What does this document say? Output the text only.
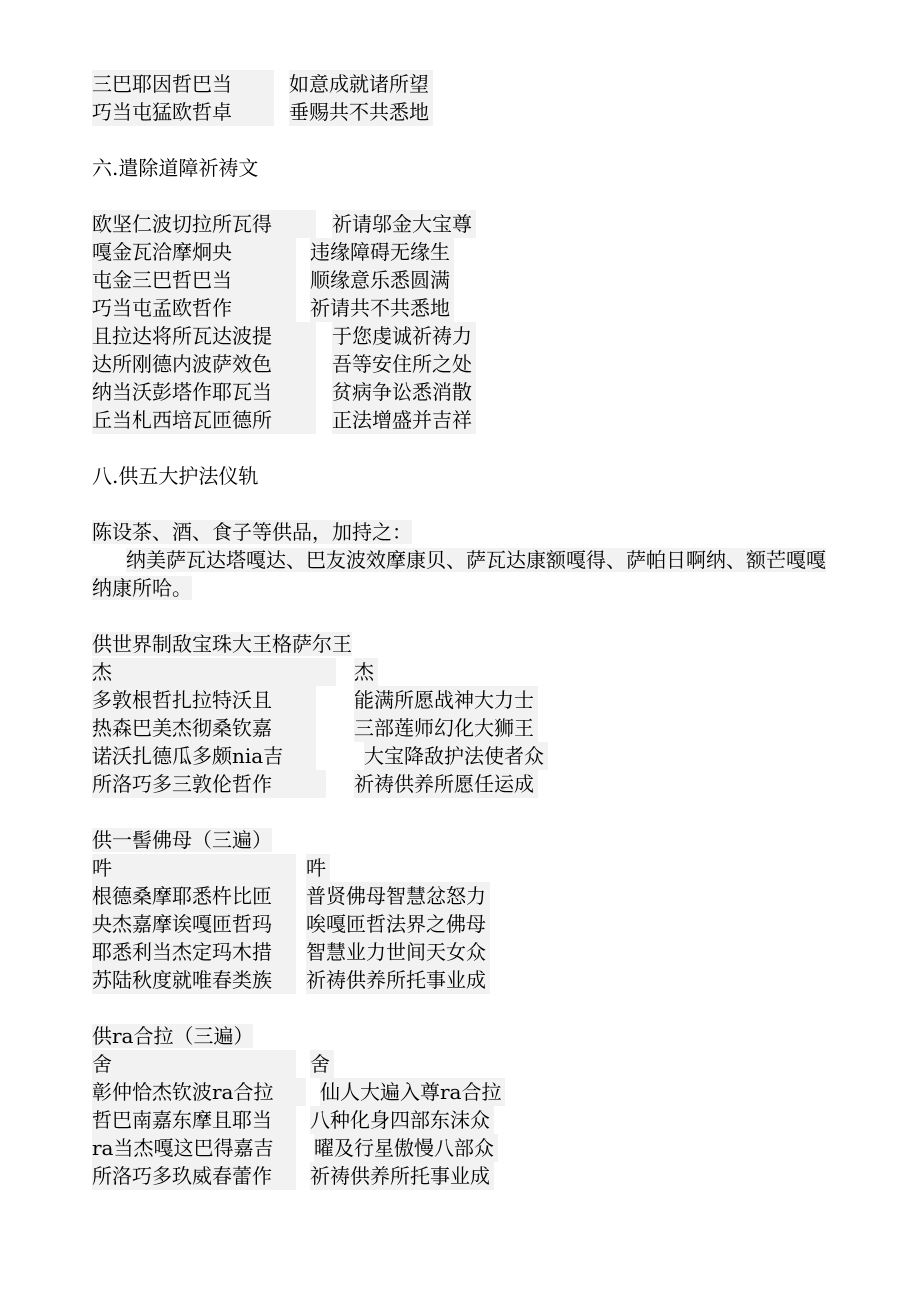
三巴耶因哲巴当	如意成就诸所望
巧当屯猛欧哲卓	垂赐共不共悉地
六.遣除道障祈祷文
欧坚仁波切拉所瓦得	祈请邬金大宝尊
嘎金瓦洽摩炯央	违缘障碍无缘生
屯金三巴哲巴当	顺缘意乐悉圆满
巧当屯孟欧哲作	祈请共不共悉地
且拉达将所瓦达波提	于您虔诚祈祷力
达所刚德内波萨效色	吾等安住所之处
纳当沃彭塔作耶瓦当	贫病争讼悉消散
丘当札西培瓦匝德所	正法增盛并吉祥
八.供五大护法仪轨
陈设茶、酒、食子等供品，加持之：
纳美萨瓦达塔嘎达、巴友波效摩康贝、萨瓦达康额嘎得、萨帕日啊纳、额芒嘎嘎纳康所哈。
供世界制敌宝珠大王格萨尔王
杰	杰
多敦根哲扎拉特沃且	能满所愿战神大力士
热森巴美杰彻桑钦嘉	三部莲师幻化大狮王
诺沃扎德瓜多颇nia吉	大宝降敌护法使者众
所洛巧多三敦伦哲作	祈祷供养所愿任运成
供一髻佛母（三遍）
吽	吽
根德桑摩耶悉杵比匝	普贤佛母智慧忿怒力
央杰嘉摩诶嘎匝哲玛	唉嘎匝哲法界之佛母
耶悉利当杰定玛木措	智慧业力世间天女众
苏陆秋度就唯春类族	祈祷供养所托事业成
供ra合拉（三遍）
舍	舍
彰仲恰杰钦波ra合拉	仙人大遍入尊ra合拉
哲巴南嘉东摩且耶当	八种化身四部东沫众
ra当杰嘎这巴得嘉吉	曜及行星傲慢八部众
所洛巧多玖威春蕾作	祈祷供养所托事业成
